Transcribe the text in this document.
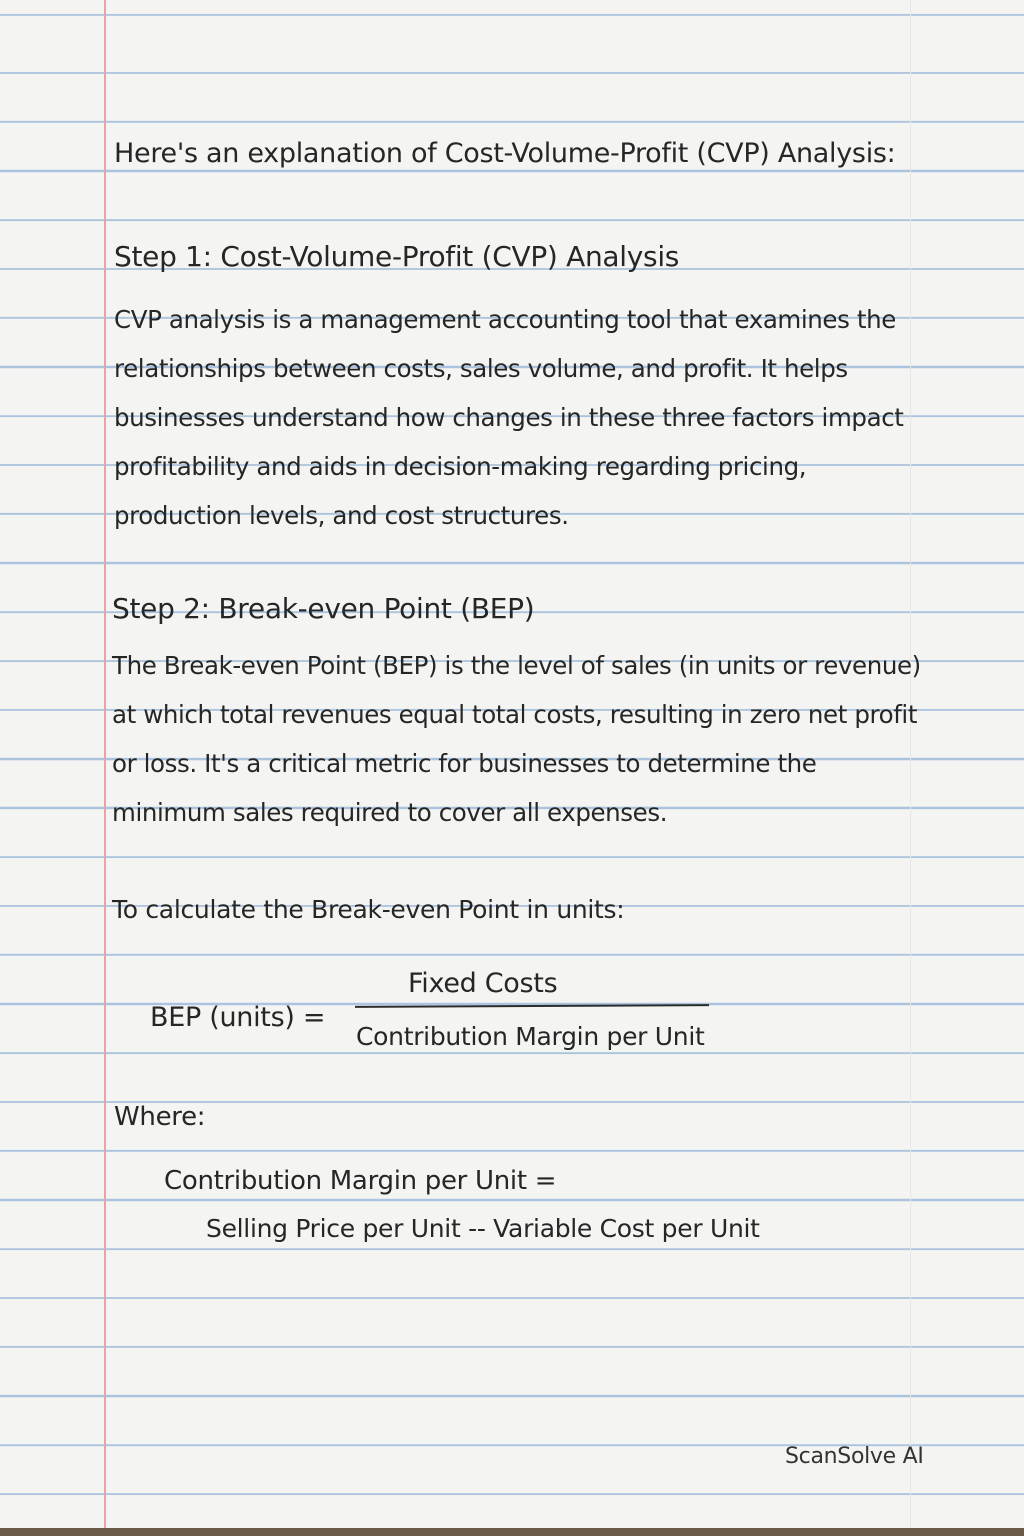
Here's an explanation of Cost-Volume-Profit (CVP) Analysis:
Step 1: Cost-Volume-Profit (CVP) Analysis
CVP analysis is a management accounting tool that examines the
relationships between costs, sales volume, and profit. It helps
businesses understand how changes in these three factors impact
profitability and aids in decision-making regarding pricing,
production levels, and cost structures.
Step 2: Break-even Point (BEP)
The Break-even Point (BEP) is the level of sales (in units or revenue)
at which total revenues equal total costs, resulting in zero net profit
or loss. It's a critical metric for businesses to determine the
minimum sales required to cover all expenses.
To calculate the Break-even Point in units:
BEP (units) =
Fixed Costs
Contribution Margin per Unit
Where:
Contribution Margin per Unit =
Selling Price per Unit -- Variable Cost per Unit
ScanSolve AI
